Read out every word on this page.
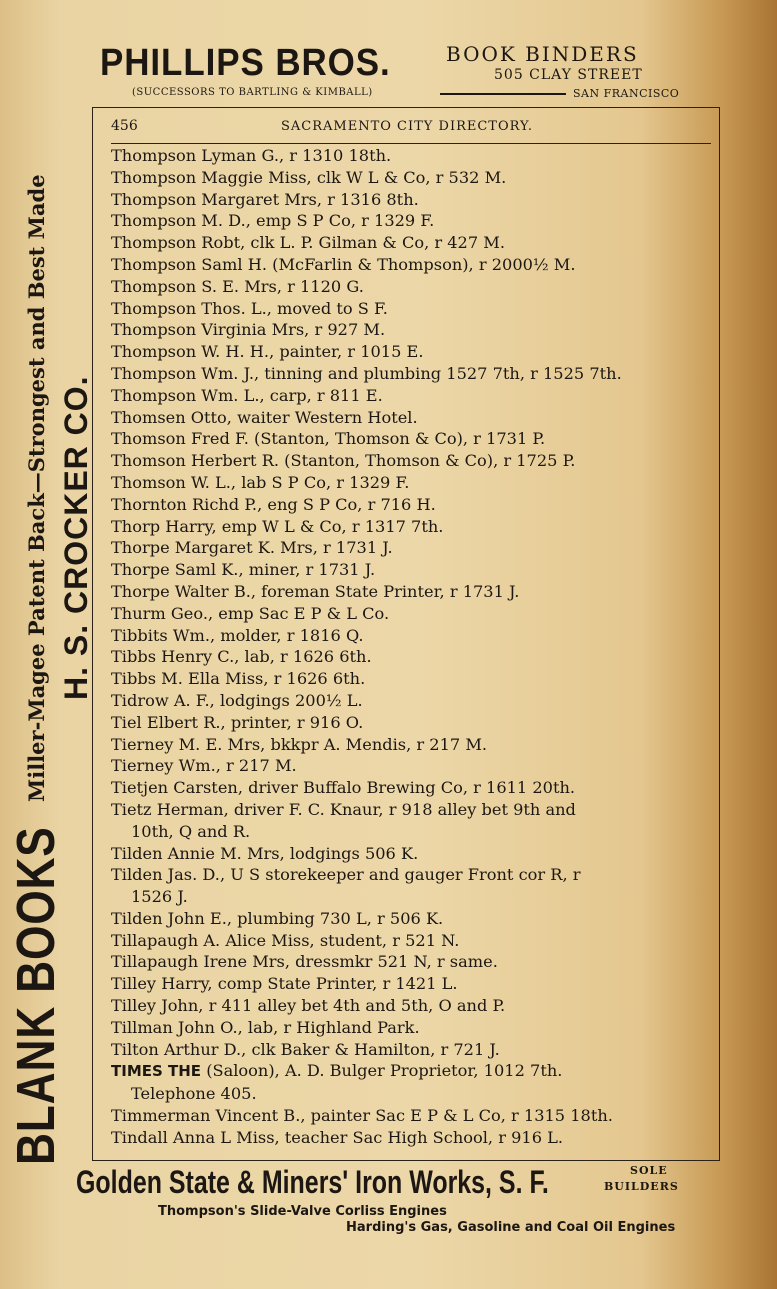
BLANK BOOKS
Miller-Magee Patent Back—Strongest and Best Made H. S. CROCKER CO.
PHILLIPS BROS.	BOOK BINDERS
505 CLAY STREET
(SUCCESSORS TO BARTLING & KIMBALL)	SAN FRANCISCO
456	SACRAMENTO CITY DIRECTORY.
Thompson Lyman G., r 1310 18th.
Thompson Maggie Miss, clk W L & Co, r 532 M.
Thompson Margaret Mrs, r 1316 8th.
Thompson M. D., emp S P Co, r 1329 F.
Thompson Robt, clk L. P. Gilman & Co, r 427 M.
Thompson Saml H. (McFarlin & Thompson), r 2000½ M.
Thompson S. E. Mrs, r 1120 G.
Thompson Thos. L., moved to S F.
Thompson Virginia Mrs, r 927 M.
Thompson W. H. H., painter, r 1015 E.
Thompson Wm. J., tinning and plumbing 1527 7th, r 1525 7th.
Thompson Wm. L., carp, r 811 E.
Thomsen Otto, waiter Western Hotel.
Thomson Fred F. (Stanton, Thomson & Co), r 1731 P.
Thomson Herbert R. (Stanton, Thomson & Co), r 1725 P.
Thomson W. L., lab S P Co, r 1329 F.
Thornton Richd P., eng S P Co, r 716 H.
Thorp Harry, emp W L & Co, r 1317 7th.
Thorpe Margaret K. Mrs, r 1731 J.
Thorpe Saml K., miner, r 1731 J.
Thorpe Walter B., foreman State Printer, r 1731 J.
Thurm Geo., emp Sac E P & L Co.
Tibbits Wm., molder, r 1816 Q.
Tibbs Henry C., lab, r 1626 6th.
Tibbs M. Ella Miss, r 1626 6th.
Tidrow A. F., lodgings 200½ L.
Tiel Elbert R., printer, r 916 O.
Tierney M. E. Mrs, bkkpr A. Mendis, r 217 M.
Tierney Wm., r 217 M.
Tietjen Carsten, driver Buffalo Brewing Co, r 1611 20th.
Tietz Herman, driver F. C. Knaur, r 918 alley bet 9th and
10th, Q and R.
Tilden Annie M. Mrs, lodgings 506 K.
Tilden Jas. D., U S storekeeper and gauger Front cor R, r
1526 J.
Tilden John E., plumbing 730 L, r 506 K.
Tillapaugh A. Alice Miss, student, r 521 N.
Tillapaugh Irene Mrs, dressmkr 521 N, r same.
Tilley Harry, comp State Printer, r 1421 L.
Tilley John, r 411 alley bet 4th and 5th, O and P.
Tillman John O., lab, r Highland Park.
Tilton Arthur D., clk Baker & Hamilton, r 721 J.
TIMES THE (Saloon), A. D. Bulger Proprietor, 1012 7th.
Telephone 405.
Timmerman Vincent B., painter Sac E P & L Co, r 1315 18th.
Tindall Anna L Miss, teacher Sac High School, r 916 L.
Golden State & Miners' Iron Works, S. F.	SOLE
BUILDERS
Thompson's Slide-Valve Corliss Engines
Harding's Gas, Gasoline and Coal Oil Engines
